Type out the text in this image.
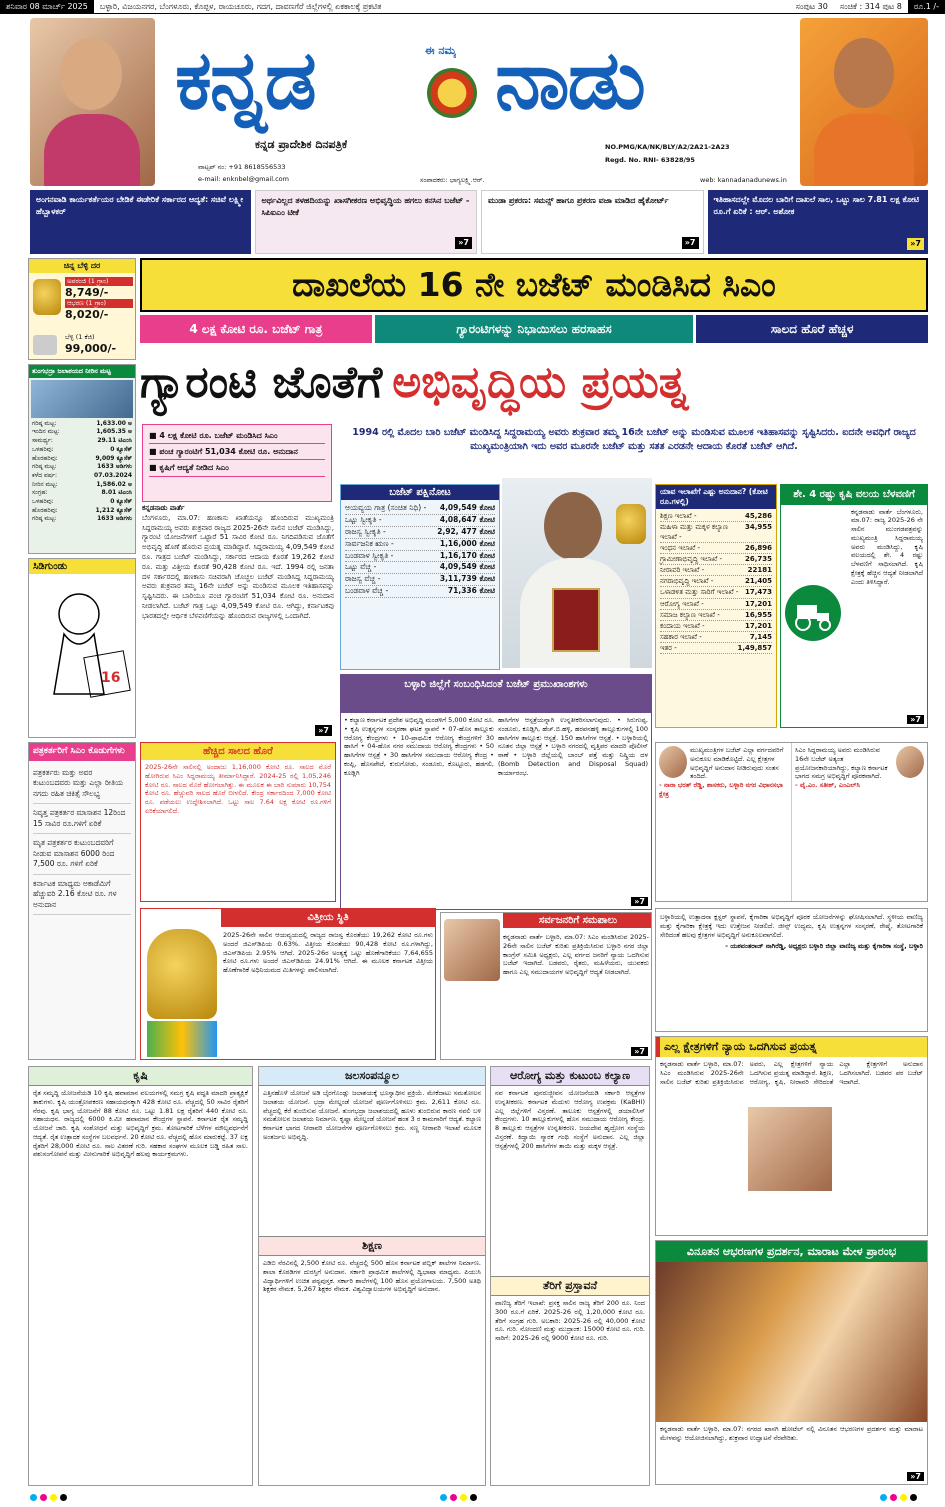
ಶನಿವಾರ 08 ಮಾರ್ಚ್ 2025	ಬಳ್ಳಾರಿ, ವಿಜಯನಗರ, ಬೆಂಗಳೂರು, ಕೊಪ್ಪಳ, ರಾಯಚೂರು, ಗದಗ, ದಾವಣಗೆರೆ ಜಿಲ್ಲೆಗಳಲ್ಲಿ ಏಕಕಾಲಕ್ಕೆ ಪ್ರಕಟಿತ	ಸಂಪುಟ 30	ಸಂಚಿಕೆ : 314 ಪುಟ 8	ರೂ.1 /-
ಕನ್ನಡ	ಈ ನಮ್ಮ ನಾಡು
ಕನ್ನಡ ಪ್ರಾದೇಶಿಕ ದಿನಪತ್ರಿಕೆ
ವಾಟ್ಸಪ್ ನಂ: +91 8618556533
e-mail: enknbel@gmail.com	ಸಂಪಾದಕರು: ಭಾಗ್ಯಲಕ್ಷ್ಮಿ.ಆರ್.
NO.PMG/KA/NK/BLY/A2/2A21-2A23
Regd. No. RNI- 63828/95
web: kannadanadunews.in
ಅಂಗನವಾಡಿ ಕಾರ್ಯಕರ್ತೆಯರ ಬೇಡಿಕೆ ಈಡೇರಿಕೆ ಸರ್ಕಾರದ ಆದ್ಯತೆ: ಸಚಿವೆ ಲಕ್ಷ್ಮೀ ಹೆಬ್ಬಾಳಕರ್
ಅರ್ಥವಿಲ್ಲದ ತಳಹದಿಯನ್ನು ಖಾಸಗೀಕರಣ ಅಭಿವೃದ್ಧಿಯ ಹಗಲು ಕನಸಿನ ಬಜೆಟ್ - ಸಿಪಿಐಎಂ ಟೀಕೆ
»7
ಮುಡಾ ಪ್ರಕರಣ: ಸಮನ್ಸ್ ಹಾಗೂ ಪ್ರಕರಣ ವಜಾ ಮಾಡಿದ ಹೈಕೋರ್ಟ್
»7
ಇತಿಹಾಸದಲ್ಲೇ ಮೊದಲ ಬಾರಿಗೆ ದಾಖಲೆ ಸಾಲ, ಒಟ್ಟು ಸಾಲ 7.81 ಲಕ್ಷ ಕೋಟಿ ರೂ.ಗೆ ಏರಿಕೆ : ಆರ್. ಅಶೋಕ
»7
ಚಿನ್ನ ಬೆಳ್ಳಿ ದರ
ಅಪರಂಜಿ (1 ಗ್ರಾಂ)
8,749/-
ಆಭರಣ (1 ಗ್ರಾಂ)
8,020/-
ಬೆಳ್ಳಿ (1 ಕೆಜಿ)
99,000/-
ತುಂಗಭದ್ರಾ ಜಲಾಶಯದ ನೀರಿನ ಮಟ್ಟ
ಗರಿಷ್ಠ ಮಟ್ಟ:	1,633.00 ಅ
ಇಂದಿನ ಮಟ್ಟ:	1,605.35 ಅ
ಸಾಮರ್ಥ್ಯ:	29.11 ಟಿಎಂಸಿ
ಒಳಹರಿವು:	0 ಕ್ಯೂಸೆಕ್
ಹೊರಹರಿವು:	9,009 ಕ್ಯೂಸೆಕ್
ಗರಿಷ್ಠ ಮಟ್ಟ:	1633 ಅಡಿಗಳು
ಕಳೆದ ವರ್ಷ:	07.03.2024
ನೀರಿನ ಮಟ್ಟ:	1,586.02 ಅ
ಸಂಗ್ರಹ:	8.01 ಟಿಎಂಸಿ
ಒಳಹರಿವು:	0 ಕ್ಯೂಸೆಕ್
ಹೊರಹರಿವು:	1,212 ಕ್ಯೂಸೆಕ್
ಗರಿಷ್ಠ ಮಟ್ಟ:	1633 ಅಡಿಗಳು
ಸಿಡಿಗುಂಡು
16
ಪತ್ರಕರ್ತರಿಗೆ ಸಿಎಂ ಕೊಡುಗೆಗಳು
ಪತ್ರಕರ್ತರು ಮತ್ತು ಅವರ ಕುಟುಂಬದವರು ಮತ್ತು ಎಲ್ಲಾ ರೀತಿಯ ನಗದು ರಹಿತ ಚಿಕಿತ್ಸೆ ಸೌಲಭ್ಯ
ನಿವೃತ್ತ ಪತ್ರಕರ್ತರ ಮಾಸಾಶನ 12ರಿಂದ 15 ಸಾವಿರ ರೂ.ಗಳಿಗೆ ಏರಿಕೆ
ಮೃತ ಪತ್ರಕರ್ತರ ಕುಟುಂಬದವರಿಗೆ ನೀಡುವ ಮಾಸಾಶನ 6000 ರಿಂದ 7,500 ರೂ. ಗಳಿಗೆ ಏರಿಕೆ
ಕರ್ನಾಟಕ ಮಾಧ್ಯಮ ಅಕಾಡೆಮಿಗೆ ಹೆಚ್ಚುವರಿ 2.16 ಕೋಟಿ ರೂ. ಗಳ ಅನುದಾನ
ದಾಖಲೆಯ 16 ನೇ ಬಜೆಟ್ ಮಂಡಿಸಿದ ಸಿಎಂ
4 ಲಕ್ಷ ಕೋಟಿ ರೂ. ಬಜೆಟ್ ಗಾತ್ರ	ಗ್ಯಾರಂಟಿಗಳನ್ನು ನಿಭಾಯಿಸಲು ಹರಸಾಹಸ	ಸಾಲದ ಹೊರೆ ಹೆಚ್ಚಳ
ಗ್ಯಾರಂಟಿ ಜೊತೆಗೆ ಅಭಿವೃದ್ಧಿಯ ಪ್ರಯತ್ನ
■ 4 ಲಕ್ಷ ಕೋಟಿ ರೂ. ಬಜೆಟ್ ಮಂಡಿಸಿದ ಸಿಎಂ
■ ಪಂಚ ಗ್ಯಾರಂಟಿಗೆ 51,034 ಕೋಟಿ ರೂ. ಅನುದಾನ
■ ಕೃಷಿಗೆ ಆದ್ಯತೆ ನೀಡಿದ ಸಿಎಂ
ಕನ್ನಡನಾಡು ವಾರ್ತೆ
ಬೆಂಗಳೂರು, ಮಾ.07: ಹಣಕಾಸು ಖಾತೆಯನ್ನೂ ಹೊಂದಿರುವ ಮುಖ್ಯಮಂತ್ರಿ ಸಿದ್ದರಾಮಯ್ಯ ಅವರು ಶುಕ್ರವಾರ ರಾಜ್ಯದ 2025-26ನೇ ಸಾಲಿನ ಬಜೆಟ್ ಮಂಡಿಸಿದ್ದು, ಗ್ಯಾರಂಟಿ ಯೋಜನೆಗಳಿಗೆ ಒಟ್ಟಾರೆ 51 ಸಾವಿರ ಕೋಟಿ ರೂ. ನಿಗದಿಪಡಿಸುವ ಜೊತೆಗೆ ಅಭಿವೃದ್ಧಿ ಹೊಣೆ ಹೊರುವ ಪ್ರಯತ್ನ ಮಾಡಿದ್ದಾರೆ. ಸಿದ್ದರಾಮಯ್ಯ 4,09,549 ಕೋಟಿ ರೂ. ಗಾತ್ರದ ಬಜೆಟ್ ಮಂಡಿಸಿದ್ದು, ಸರ್ಕಾರದ ಆದಾಯ ಕೊರತೆ 19,262 ಕೋಟಿ ರೂ. ಮತ್ತು ವಿತ್ತೀಯ ಕೊರತೆ 90,428 ಕೋಟಿ ರೂ. ಇದೆ. 1994 ರಲ್ಲಿ ಜನತಾ ದಳ ಸರ್ಕಾರದಲ್ಲಿ ಹಣಕಾಸು ಸಚಿವರಾಗಿ ಚೊಚ್ಚಲ ಬಜೆಟ್ ಮಂಡಿಸಿದ್ದ ಸಿದ್ದರಾಮಯ್ಯ ಅವರು ಶುಕ್ರವಾರ ತಮ್ಮ 16ನೇ ಬಜೆಟ್ ಅನ್ನು ಮಂಡಿಸುವ ಮೂಲಕ ಇತಿಹಾಸವನ್ನು ಸೃಷ್ಟಿಸಿದರು. ಈ ಬಾರಿಯೂ ಪಂಚ ಗ್ಯಾರಂಟಿಗೆ 51,034 ಕೋಟಿ ರೂ. ಅನುದಾನ ನೀಡಲಾಗಿದೆ. ಬಜೆಟ್ ಗಾತ್ರ ಒಟ್ಟು 4,09,549 ಕೋಟಿ ರೂ. ಆಗಿದ್ದು, ಕರ್ನಾಟಕವು ಭಾರತದಲ್ಲೇ ಆರ್ಥಿಕ ಬೆಳವಣಿಗೆಯನ್ನು ಹೊಂದಿರುವ ರಾಜ್ಯಗಳಲ್ಲಿ ಒಂದಾಗಿದೆ.
»7
1994 ರಲ್ಲಿ ಮೊದಲ ಬಾರಿ ಬಜೆಟ್ ಮಂಡಿಸಿದ್ದ ಸಿದ್ದರಾಮಯ್ಯ ಅವರು ಶುಕ್ರವಾರ ತಮ್ಮ 16ನೇ ಬಜೆಟ್ ಅನ್ನು ಮಂಡಿಸುವ ಮೂಲಕ ಇತಿಹಾಸವನ್ನು ಸೃಷ್ಟಿಸಿದರು. ಐದನೇ ಅವಧಿಗೆ ರಾಜ್ಯದ ಮುಖ್ಯಮಂತ್ರಿಯಾಗಿ ಇದು ಅವರ ಮೂರನೇ ಬಜೆಟ್ ಮತ್ತು ಸತತ ಎರಡನೇ ಆದಾಯ ಕೊರತೆ ಬಜೆಟ್ ಆಗಿದೆ.
ಬಜೆಟ್ ಪಕ್ಷಿನೋಟ
ಆಯವ್ಯಯ ಗಾತ್ರ (ಸಂಚಿತ ನಿಧಿ) - 4,09,549 ಕೋಟಿ
ಒಟ್ಟು ಸ್ವೀಕೃತಿ -	4,08,647 ಕೋಟಿ
ರಾಜಸ್ವ ಸ್ವೀಕೃತಿ -	2,92, 477 ಕೋಟಿ
ಸಾರ್ವಜನಿಕ ಋಣ -	1,16,000 ಕೋಟಿ
ಬಂಡವಾಳ ಸ್ವೀಕೃತಿ -	1,16,170 ಕೋಟಿ
ಒಟ್ಟು ವೆಚ್ಚ -	4,09,549 ಕೋಟಿ
ರಾಜಸ್ವ ವೆಚ್ಚ -	3,11,739 ಕೋಟಿ
ಬಂಡವಾಳ ವೆಚ್ಚ -	71,336 ಕೋಟಿ
ಯಾವ ಇಲಾಖೆಗೆ ಎಷ್ಟು ಅನುದಾನ? (ಕೋಟಿ ರೂ.ಗಳಲ್ಲಿ)
ಶಿಕ್ಷಣ ಇಲಾಖೆ -	45,286
ಮಹಿಳಾ ಮತ್ತು ಮಕ್ಕಳ ಕಲ್ಯಾಣ ಇಲಾಖೆ -
34,955
ಇಂಧನ ಇಲಾಖೆ -	26,896
ಗ್ರಾಮೀಣಾಭಿವೃದ್ಧಿ ಇಲಾಖೆ -	26,735
ನೀರಾವರಿ ಇಲಾಖೆ -	22181
ನಗರಾಭಿವೃದ್ಧಿ ಇಲಾಖೆ -	21,405
ಒಳಾಡಳಿತ ಮತ್ತು ಸಾರಿಗೆ ಇಲಾಖೆ - 17,473
ಆರೋಗ್ಯ ಇಲಾಖೆ -	17,201
ಸಮಾಜ ಕಲ್ಯಾಣ ಇಲಾಖೆ -	16,955
ಕಂದಾಯ ಇಲಾಖೆ -	17,201
ಸಹಕಾರ ಇಲಾಖೆ -	7,145
ಇತರ -	1,49,857
ಶೇ. 4 ರಷ್ಟು ಕೃಷಿ ವಲಯ ಬೆಳವಣಿಗೆ
ಕನ್ನಡನಾಡು ವಾರ್ತೆ ಬೆಂಗಳೂರು, ಮಾ.07: ರಾಜ್ಯ 2025-26 ನೇ ಸಾಲಿನ ಮುಂಗಡಪತ್ರವನ್ನು ಮುಖ್ಯಮಂತ್ರಿ ಸಿದ್ದರಾಮಯ್ಯ ಅವರು ಮಂಡಿಸಿದ್ದು, ಕೃಷಿ ವಲಯದಲ್ಲಿ ಶೇ. 4 ರಷ್ಟು ಬೆಳವಣಿಗೆ ಸಾಧಿಸಲಾಗಿದೆ. ಕೃಷಿ ಕ್ಷೇತ್ರಕ್ಕೆ ಹೆಚ್ಚಿನ ಆದ್ಯತೆ ನೀಡಲಾಗಿದೆ ಎಂದು ತಿಳಿಸಿದ್ದಾರೆ.
»7
ಬಳ್ಳಾರಿ ಜಿಲ್ಲೆಗೆ ಸಂಬಂಧಿಸಿದಂತೆ ಬಜೆಟ್ ಪ್ರಮುಖಾಂಶಗಳು
• ಕಲ್ಯಾಣ ಕರ್ನಾಟಕ ಪ್ರದೇಶ ಅಭಿವೃದ್ಧಿ ಮಂಡಳಿಗೆ 5,000 ಕೋಟಿ ರೂ. • ಕೃಷಿ ಉತ್ಪನ್ನಗಳ ಸಂಸ್ಕರಣಾ ಘಟಕ ಸ್ಥಾಪನೆ • 07-ಹೊಸ ತಾಲ್ಲೂಕು ಆರೋಗ್ಯ ಕೇಂದ್ರಗಳು • 10-ಪ್ರಾಥಮಿಕ ಆರೋಗ್ಯ ಕೇಂದ್ರಗಳಿಗೆ 30 ಹಾಸಿಗೆ • 04-ಹೊಸ ನಗರ ಸಮುದಾಯ ಆರೋಗ್ಯ ಕೇಂದ್ರಗಳು • 50 ಹಾಸಿಗೆಗಳ ಆಸ್ಪತ್ರೆ • 30 ಹಾಸಿಗೆಗಳ ಸಮುದಾಯ ಆರೋಗ್ಯ ಕೇಂದ್ರ • ಕಂಪ್ಲಿ, ಹೊಸಪೇಟೆ, ಕುರುಗೋಡು, ಸಂಡೂರು, ಕೊಟ್ಟೂರು, ಹಡಗಲಿ, ಕೂಡ್ಲಿಗಿ
ಹಾಸಿಗೆಗಳ ಆಸ್ಪತ್ರೆಯನ್ನಾಗಿ ಉನ್ನತೀಕರಿಸಲಾಗುವುದು. • ಸಿರುಗುಪ್ಪ, ಸಂಡೂರು, ಕೂಡ್ಲಿಗಿ, ಹೆಚ್.ಬಿ.ಹಳ್ಳಿ, ಹರಪನಹಳ್ಳಿ ತಾಲ್ಲೂಕುಗಳಲ್ಲಿ 100 ಹಾಸಿಗೆಗಳ ತಾಲ್ಲೂಕು ಆಸ್ಪತ್ರೆ. 150 ಹಾಸಿಗೆಗಳ ಆಸ್ಪತ್ರೆ. • ಬಳ್ಳಾರಿಯಲ್ಲಿ ನೂತನ ಜಿಲ್ಲಾ ಆಸ್ಪತ್ರೆ • ಬಳ್ಳಾರಿ ನಗರದಲ್ಲಿ ವೃತ್ತಿಪರ ಮಾದರಿ ಪೊಲೀಸ್ ಠಾಣೆ • ಬಳ್ಳಾರಿ ಜಿಲ್ಲೆಯಲ್ಲಿ ಬಾಂಬ್ ಪತ್ತೆ ಮತ್ತು ನಿಷ್ಕ್ರಿಯ ದಳ (Bomb Detection and Disposal Squad) ಕಾರ್ಯಾರಂಭ.
»7
ಹೆಚ್ಚಿದ ಸಾಲದ ಹೊರೆ
2025-26ನೇ ಸಾಲಿನಲ್ಲಿ ಅಂದಾಜು 1,16,000 ಕೋಟಿ ರೂ. ಸಾಲದ ಮೊರೆ ಹೋಗಿರುವ ಸಿಎಂ ಸಿದ್ದರಾಮಯ್ಯ ತೀರ್ಮಾನಿಸಿದ್ದಾರೆ. 2024-25 ರಲ್ಲಿ 1,05,246 ಕೋಟಿ ರೂ. ಸಾಲದ ಮೊರೆ ಹೋಗಲಾಗಿತ್ತು. ಈ ಮೂಲಕ ಈ ಬಾರಿ ಸುಮಾರು 10,754 ಕೋಟಿ ರೂ. ಹೆಚ್ಚುವರಿ ಸಾಲದ ಹೊರೆ ಬೀಳಲಿದೆ. ಕೇಂದ್ರ ಸರ್ಕಾರದಿಂದ 7,000 ಕೋಟಿ ರೂ. ಪಡೆಯಲು ಉದ್ದೇಶಿಸಲಾಗಿದೆ. ಒಟ್ಟು ಸಾಲ 7.64 ಲಕ್ಷ ಕೋಟಿ ರೂ.ಗಳಿಗೆ ಏರಿಕೆಯಾಗಲಿದೆ.
ಮುಖ್ಯಮಂತ್ರಿಗಳ ಬಜೆಟ್ ಎಲ್ಲಾ ವರ್ಗದವರಿಗೆ ಅನುಕೂಲ ಮಾಡಿಕೊಟ್ಟಿದೆ. ಎಲ್ಲ ಕ್ಷೇತ್ರಗಳ ಅಭಿವೃದ್ಧಿಗೆ ಅನುದಾನ ನೀಡಿರುವುದು ಸಂತಸ ತಂದಿದೆ.
- ನಾರಾ ಭರತ್ ರೆಡ್ಡಿ, ಶಾಸಕರು, ಬಳ್ಳಾರಿ ನಗರ ವಿಧಾನಸಭಾ ಕ್ಷೇತ್ರ
ಸಿಎಂ ಸಿದ್ದರಾಮಯ್ಯ ಅವರು ಮಂಡಿಸಿರುವ 16ನೇ ಬಜೆಟ್ ಅತ್ಯಂತ ಪ್ರಯೋಜನಕಾರಿಯಾಗಿದ್ದು, ಕಲ್ಯಾಣ ಕರ್ನಾಟಕ ಭಾಗದ ಸಮಗ್ರ ಅಭಿವೃದ್ಧಿಗೆ ಪೂರಕವಾಗಿದೆ.
- ವೈ.ಎಂ. ಸತೀಶ್, ಎಂಎಲ್‌ಸಿ
ವಿತ್ತೀಯ ಸ್ಥಿತಿ
2025-26ನೇ ಸಾಲಿನ ಆಯವ್ಯಯದಲ್ಲಿ ರಾಜ್ಯದ ರಾಜಸ್ವ ಕೊರತೆಯು 19,262 ಕೋಟಿ ರೂ.ಗಳು ಅಂದರೆ ಜಿಎಸ್‌ಡಿಪಿಯ 0.63%. ವಿತ್ತೀಯ ಕೊರತೆಯು 90,428 ಕೋಟಿ ರೂ.ಗಳಾಗಿದ್ದು, ಜಿಎಸ್‌ಡಿಪಿಯ 2.95% ಆಗಿದೆ. 2025-26ರ ಅಂತ್ಯಕ್ಕೆ ಒಟ್ಟು ಹೊಣೆಗಾರಿಕೆಯು 7,64,655 ಕೋಟಿ ರೂ.ಗಳು ಅಂದರೆ ಜಿಎಸ್‌ಡಿಪಿಯ 24.91% ಆಗಿದೆ. ಈ ಮೂಲಕ ಕರ್ನಾಟಕ ವಿತ್ತೀಯ ಹೊಣೆಗಾರಿಕೆ ಅಧಿನಿಯಮದ ಮಿತಿಗಳನ್ನು ಪಾಲಿಸಲಾಗಿದೆ.
ಸರ್ವಜನರಿಗೆ ಸಮಪಾಲು
ಕನ್ನಡನಾಡು ವಾರ್ತೆ ಬಳ್ಳಾರಿ, ಮಾ.07: ಸಿಎಂ ಮಂಡಿಸಿರುವ 2025-26ನೇ ಸಾಲಿನ ಬಜೆಟ್ ಕುರಿತು ಪ್ರತಿಕ್ರಿಯಿಸಿರುವ ಬಳ್ಳಾರಿ ನಗರ ಜಿಲ್ಲಾ ಕಾಂಗ್ರೆಸ್ ಸಮಿತಿ ಅಧ್ಯಕ್ಷರು, ಎಲ್ಲ ವರ್ಗದ ಜನರಿಗೆ ನ್ಯಾಯ ಒದಗಿಸುವ ಬಜೆಟ್ ಇದಾಗಿದೆ. ಬಡವರು, ರೈತರು, ಮಹಿಳೆಯರು, ಯುವಕರು ಹಾಗೂ ಎಲ್ಲ ಸಮುದಾಯಗಳ ಅಭಿವೃದ್ಧಿಗೆ ಆದ್ಯತೆ ನೀಡಲಾಗಿದೆ.
»7
ಬಳ್ಳಾರಿಯಲ್ಲಿ ಉತ್ಪಾದನಾ ಕ್ಲಸ್ಟರ್ ಸ್ಥಾಪನೆ, ಕೈಗಾರಿಕಾ ಅಭಿವೃದ್ಧಿಗೆ ಪೂರಕ ಯೋಜನೆಗಳನ್ನು ಘೋಷಿಸಲಾಗಿದೆ. ಸ್ಥಳೀಯ ವಾಣಿಜ್ಯ ಮತ್ತು ಕೈಗಾರಿಕಾ ಕ್ಷೇತ್ರಕ್ಕೆ ಇದು ಉತ್ತೇಜನ ನೀಡಲಿದೆ. ಜೀನ್ಸ್ ಉದ್ಯಮ, ಕೃಷಿ ಉತ್ಪನ್ನಗಳ ಸಂಸ್ಕರಣೆ, ರೇಷ್ಮೆ, ತೋಟಗಾರಿಕೆ ಸೇರಿದಂತೆ ಹಲವು ಕ್ಷೇತ್ರಗಳ ಅಭಿವೃದ್ಧಿಗೆ ಅನುಕೂಲವಾಗಲಿದೆ.
- ಯಶವಂತರಾಜ್ ನಾಗಿರೆಡ್ಡಿ, ಅಧ್ಯಕ್ಷರು ಬಳ್ಳಾರಿ ಜಿಲ್ಲಾ ವಾಣಿಜ್ಯ ಮತ್ತು ಕೈಗಾರಿಕಾ ಸಂಸ್ಥೆ, ಬಳ್ಳಾರಿ
ಎಲ್ಲ ಕ್ಷೇತ್ರಗಳಿಗೆ ನ್ಯಾಯ ಒದಗಿಸುವ ಪ್ರಯತ್ನ
ಕನ್ನಡನಾಡು ವಾರ್ತೆ ಬಳ್ಳಾರಿ, ಮಾ.07: ಸಿಎಂ ಮಂಡಿಸಿರುವ 2025-26ನೇ ಸಾಲಿನ ಬಜೆಟ್ ಕುರಿತು ಪ್ರತಿಕ್ರಿಯಿಸಿರುವ ಅವರು, ಎಲ್ಲ ಕ್ಷೇತ್ರಗಳಿಗೆ ನ್ಯಾಯ ಒದಗಿಸುವ ಪ್ರಯತ್ನ ಮಾಡಿದ್ದಾರೆ. ಶಿಕ್ಷಣ, ಆರೋಗ್ಯ, ಕೃಷಿ, ನೀರಾವರಿ ಸೇರಿದಂತೆ ಎಲ್ಲಾ ಕ್ಷೇತ್ರಗಳಿಗೆ ಅನುದಾನ ಒದಗಿಸಲಾಗಿದೆ. ಬಡವರ ಪರ ಬಜೆಟ್ ಇದಾಗಿದೆ.
ವಿನೂತನ ಆಭರಣಗಳ ಪ್ರದರ್ಶನ, ಮಾರಾಟ ಮೇಳ ಪ್ರಾರಂಭ
ಕನ್ನಡನಾಡು ವಾರ್ತೆ ಬಳ್ಳಾರಿ, ಮಾ.07: ನಗರದ ಖಾಸಗಿ ಹೋಟೆಲ್ ನಲ್ಲಿ ವಿನೂತನ ಆಭರಣಗಳ ಪ್ರದರ್ಶನ ಮತ್ತು ಮಾರಾಟ ಮೇಳವನ್ನು ಆಯೋಜಿಸಲಾಗಿದ್ದು, ಶುಕ್ರವಾರ ಉದ್ಘಾಟನೆ ನೆರವೇರಿತು.
»7
ಕೃಷಿ
ರೈತ ಸಮೃದ್ಧಿ ಯೋಜನೆಯಡಿ 10 ಕೃಷಿ ಹವಾಮಾನ ವಲಯಗಳಲ್ಲಿ ಸಮಗ್ರ ಕೃಷಿ ಪದ್ಧತಿ ಮಾದರಿ ಪ್ರಾತ್ಯಕ್ಷಿಕೆ ತಾಕುಗಳು. ಕೃಷಿ ಯಂತ್ರೋಪಕರಣ ಸಹಾಯಧನಕ್ಕಾಗಿ 428 ಕೋಟಿ ರೂ. ವೆಚ್ಚದಲ್ಲಿ 50 ಸಾವಿರ ರೈತರಿಗೆ ನೆರವು. ಕೃಷಿ ಭಾಗ್ಯ ಯೋಜನೆಗೆ 88 ಕೋಟಿ ರೂ. ಒಟ್ಟು 1.81 ಲಕ್ಷ ರೈತರಿಗೆ 440 ಕೋಟಿ ರೂ. ಸಹಾಯಧನ. ರಾಜ್ಯದಲ್ಲಿ 6000 ಕಿ.ಮೀ ಹವಾಮಾನ ಕೇಂದ್ರಗಳ ಸ್ಥಾಪನೆ. ಕರ್ನಾಟಕ ರೈತ ಸಮೃದ್ಧಿ ಯೋಜನೆ ಜಾರಿ. ಕೃಷಿ ಸಂಶೋಧನೆ ಮತ್ತು ಅಭಿವೃದ್ಧಿಗೆ ಕ್ರಮ. ತೋಟಗಾರಿಕೆ ಬೆಳೆಗಳ ಮೌಲ್ಯವರ್ಧನೆಗೆ ಆದ್ಯತೆ. ರೈತ ಉತ್ಪಾದಕ ಸಂಸ್ಥೆಗಳ ಬಲವರ್ಧನೆ. 20 ಕೋಟಿ ರೂ. ವೆಚ್ಚದಲ್ಲಿ ಹೊಸ ಮಾರುಕಟ್ಟೆ. 37 ಲಕ್ಷ ರೈತರಿಗೆ 28,000 ಕೋಟಿ ರೂ. ಸಾಲ ವಿತರಣೆ ಗುರಿ. ಸಹಕಾರ ಸಂಘಗಳ ಮೂಲಕ ಬಡ್ಡಿ ರಹಿತ ಸಾಲ. ಪಶುಸಂಗೋಪನೆ ಮತ್ತು ಮೀನುಗಾರಿಕೆ ಅಭಿವೃದ್ಧಿಗೆ ಹಲವು ಕಾರ್ಯಕ್ರಮಗಳು.
ಜಲಸಂಪನ್ಮೂಲ
ಎತ್ತಿನಹೊಳೆ ಯೋಜನೆ ಅಡಿ ಬೈರಗೊಂಡ್ಲು ಜಲಾಶಯಕ್ಕೆ ಭೂಸ್ವಾಧೀನ ಪ್ರಕ್ರಿಯೆ. ಮೇಕೆದಾಟು ಸಮತೋಲನ ಜಲಾಶಯ ಯೋಜನೆ. ಭದ್ರಾ ಮೇಲ್ದಂಡೆ ಯೋಜನೆ ಪೂರ್ಣಗೊಳಿಸಲು ಕ್ರಮ. 2,611 ಕೋಟಿ ರೂ. ವೆಚ್ಚದಲ್ಲಿ ಕೆರೆ ತುಂಬಿಸುವ ಯೋಜನೆ. ತುಂಗಭದ್ರಾ ಜಲಾಶಯದಲ್ಲಿ ಹೂಳು ತುಂಬಿರುವ ಕಾರಣ ನವಲಿ ಬಳಿ ಸಮತೋಲನ ಜಲಾಶಯ ನಿರ್ಮಾಣ. ಕೃಷ್ಣಾ ಮೇಲ್ದಂಡೆ ಯೋಜನೆ ಹಂತ 3 ರ ಕಾಮಗಾರಿಗೆ ಆದ್ಯತೆ. ಕಲ್ಯಾಣ ಕರ್ನಾಟಕ ಭಾಗದ ನೀರಾವರಿ ಯೋಜನೆಗಳ ಪೂರ್ಣಗೊಳಿಸಲು ಕ್ರಮ. ಸಣ್ಣ ನೀರಾವರಿ ಇಲಾಖೆ ಮೂಲಕ ಅಂತರ್ಜಲ ಅಭಿವೃದ್ಧಿ.
ಶಿಕ್ಷಣ
ಎಡಿಬಿ ನೆರವಿನಲ್ಲಿ 2,500 ಕೋಟಿ ರೂ. ವೆಚ್ಚದಲ್ಲಿ 500 ಹೊಸ ಕರ್ನಾಟಕ ಪಬ್ಲಿಕ್ ಶಾಲೆಗಳ ನಿರ್ಮಾಣ. ಶಾಲಾ ಕೊಠಡಿಗಳ ದುರಸ್ತಿಗೆ ಅನುದಾನ. ಸರ್ಕಾರಿ ಪ್ರಾಥಮಿಕ ಶಾಲೆಗಳಲ್ಲಿ ದ್ವಿಭಾಷಾ ಮಾಧ್ಯಮ. ಪಿಯುಸಿ ವಿದ್ಯಾರ್ಥಿಗಳಿಗೆ ಉಚಿತ ಪಠ್ಯಪುಸ್ತಕ. ಸರ್ಕಾರಿ ಶಾಲೆಗಳಲ್ಲಿ 100 ಹೊಸ ಪ್ರಯೋಗಾಲಯ. 7,500 ಅತಿಥಿ ಶಿಕ್ಷಕರ ನೇಮಕ. 5,267 ಶಿಕ್ಷಕರ ನೇಮಕ. ವಿಶ್ವವಿದ್ಯಾಲಯಗಳ ಅಭಿವೃದ್ಧಿಗೆ ಅನುದಾನ.
ಆರೋಗ್ಯ ಮತ್ತು ಕುಟುಂಬ ಕಲ್ಯಾಣ
ನವ ಕರ್ನಾಟಕ ಪುನರುಜ್ಜೀವನ ಯೋಜನೆಯಡಿ ಸರ್ಕಾರಿ ಆಸ್ಪತ್ರೆಗಳ ಉನ್ನತೀಕರಣ. ಕರ್ನಾಟಕ ಮೆದುಳು ಆರೋಗ್ಯ ಉಪಕ್ರಮ (KaBHI) ಎಲ್ಲ ಜಿಲ್ಲೆಗಳಿಗೆ ವಿಸ್ತರಣೆ. ತಾಲೂಕು ಆಸ್ಪತ್ರೆಗಳಲ್ಲಿ ಡಯಾಲಿಸಿಸ್ ಕೇಂದ್ರಗಳು. 10 ತಾಲ್ಲೂಕುಗಳಲ್ಲಿ ಹೊಸ ಸಮುದಾಯ ಆರೋಗ್ಯ ಕೇಂದ್ರ. 8 ತಾಲ್ಲೂಕು ಆಸ್ಪತ್ರೆಗಳ ಉನ್ನತೀಕರಣ. ಜಯದೇವ ಹೃದ್ರೋಗ ಸಂಸ್ಥೆಯ ವಿಸ್ತರಣೆ. ಕಿದ್ವಾಯಿ ಸ್ಮಾರಕ ಗಂಥಿ ಸಂಸ್ಥೆಗೆ ಅನುದಾನ. ಎಲ್ಲ ಜಿಲ್ಲಾ ಆಸ್ಪತ್ರೆಗಳಲ್ಲಿ 200 ಹಾಸಿಗೆಗಳ ತಾಯಿ ಮತ್ತು ಮಕ್ಕಳ ಆಸ್ಪತ್ರೆ.
ತೆರಿಗೆ ಪ್ರಸ್ತಾವನೆ
ವಾಣಿಜ್ಯ ತೆರಿಗೆ ಇಲಾಖೆ: ಪ್ರಸಕ್ತ ಸಾಲಿನ ರಾಜ್ಯ ತೆರಿಗೆ 200 ರೂ. ನಿಂದ 300 ರೂ.ಗೆ ಏರಿಕೆ. 2025-26 ರಲ್ಲಿ 1,20,000 ಕೋಟಿ ರೂ. ತೆರಿಗೆ ಸಂಗ್ರಹ ಗುರಿ. ಅಬಕಾರಿ: 2025-26 ರಲ್ಲಿ 40,000 ಕೋಟಿ ರೂ. ಗುರಿ. ನೋಂದಣಿ ಮತ್ತು ಮುದ್ರಾಂಕ: 15000 ಕೋಟಿ ರೂ. ಗುರಿ. ಸಾರಿಗೆ: 2025-26 ರಲ್ಲಿ 9000 ಕೋಟಿ ರೂ. ಗುರಿ.
